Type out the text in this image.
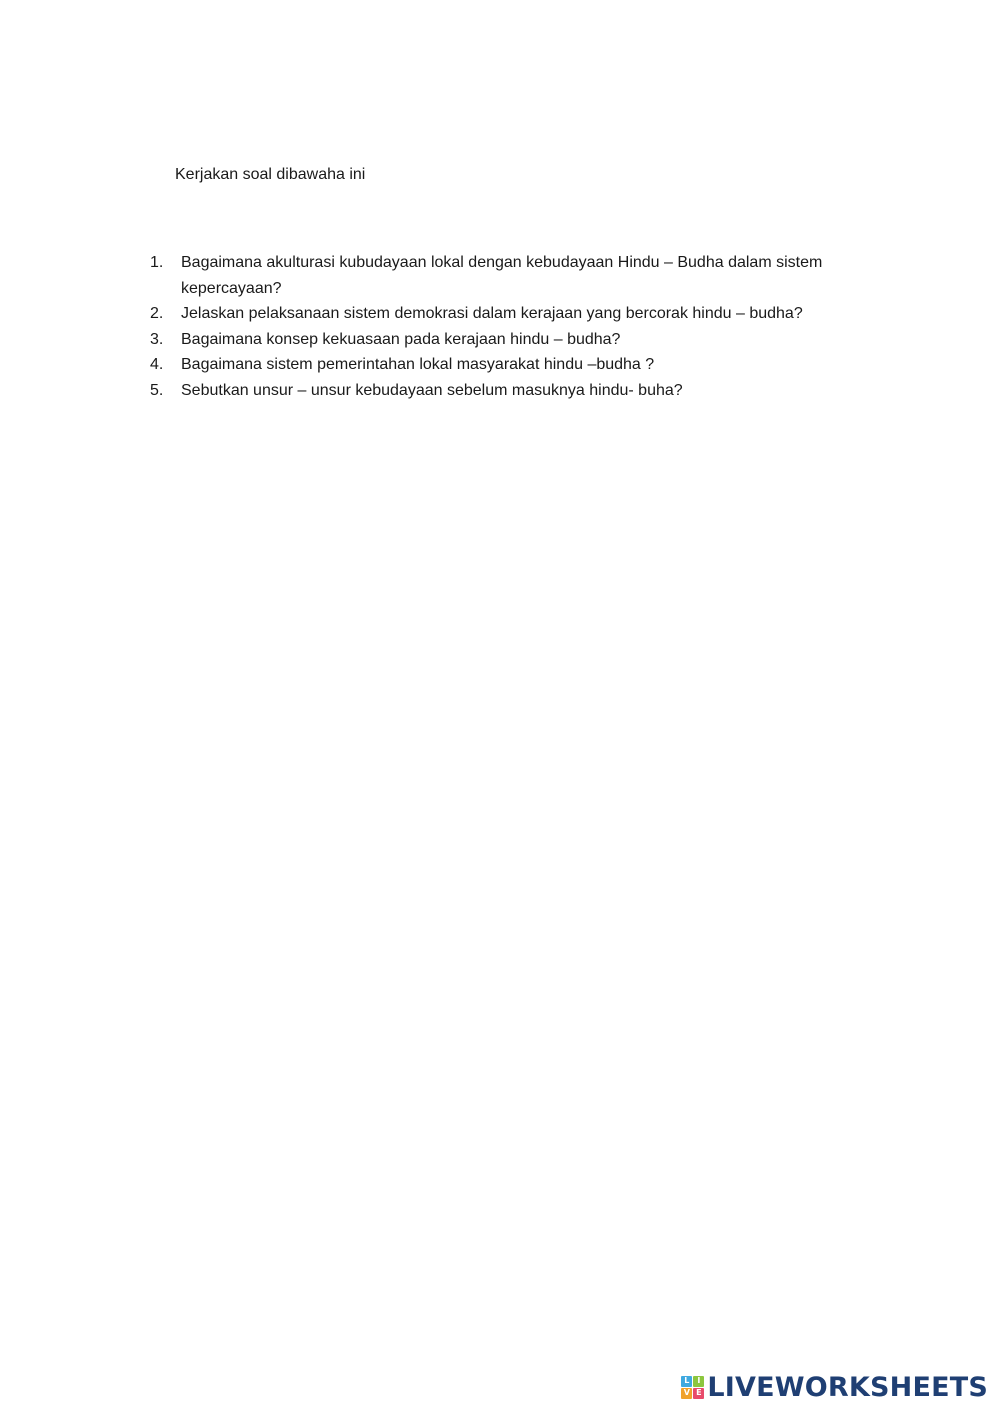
Kerjakan soal dibawaha ini
1.	Bagaimana akulturasi kubudayaan lokal dengan kebudayaan Hindu – Budha dalam sistem kepercayaan?
2.	Jelaskan pelaksanaan sistem demokrasi dalam kerajaan yang bercorak hindu – budha?
3.	Bagaimana konsep kekuasaan pada kerajaan hindu – budha?
4.	Bagaimana sistem pemerintahan lokal masyarakat hindu –budha ?
5.	Sebutkan unsur – unsur kebudayaan sebelum masuknya hindu- buha?
L I
V E LIVEWORKSHEETS
